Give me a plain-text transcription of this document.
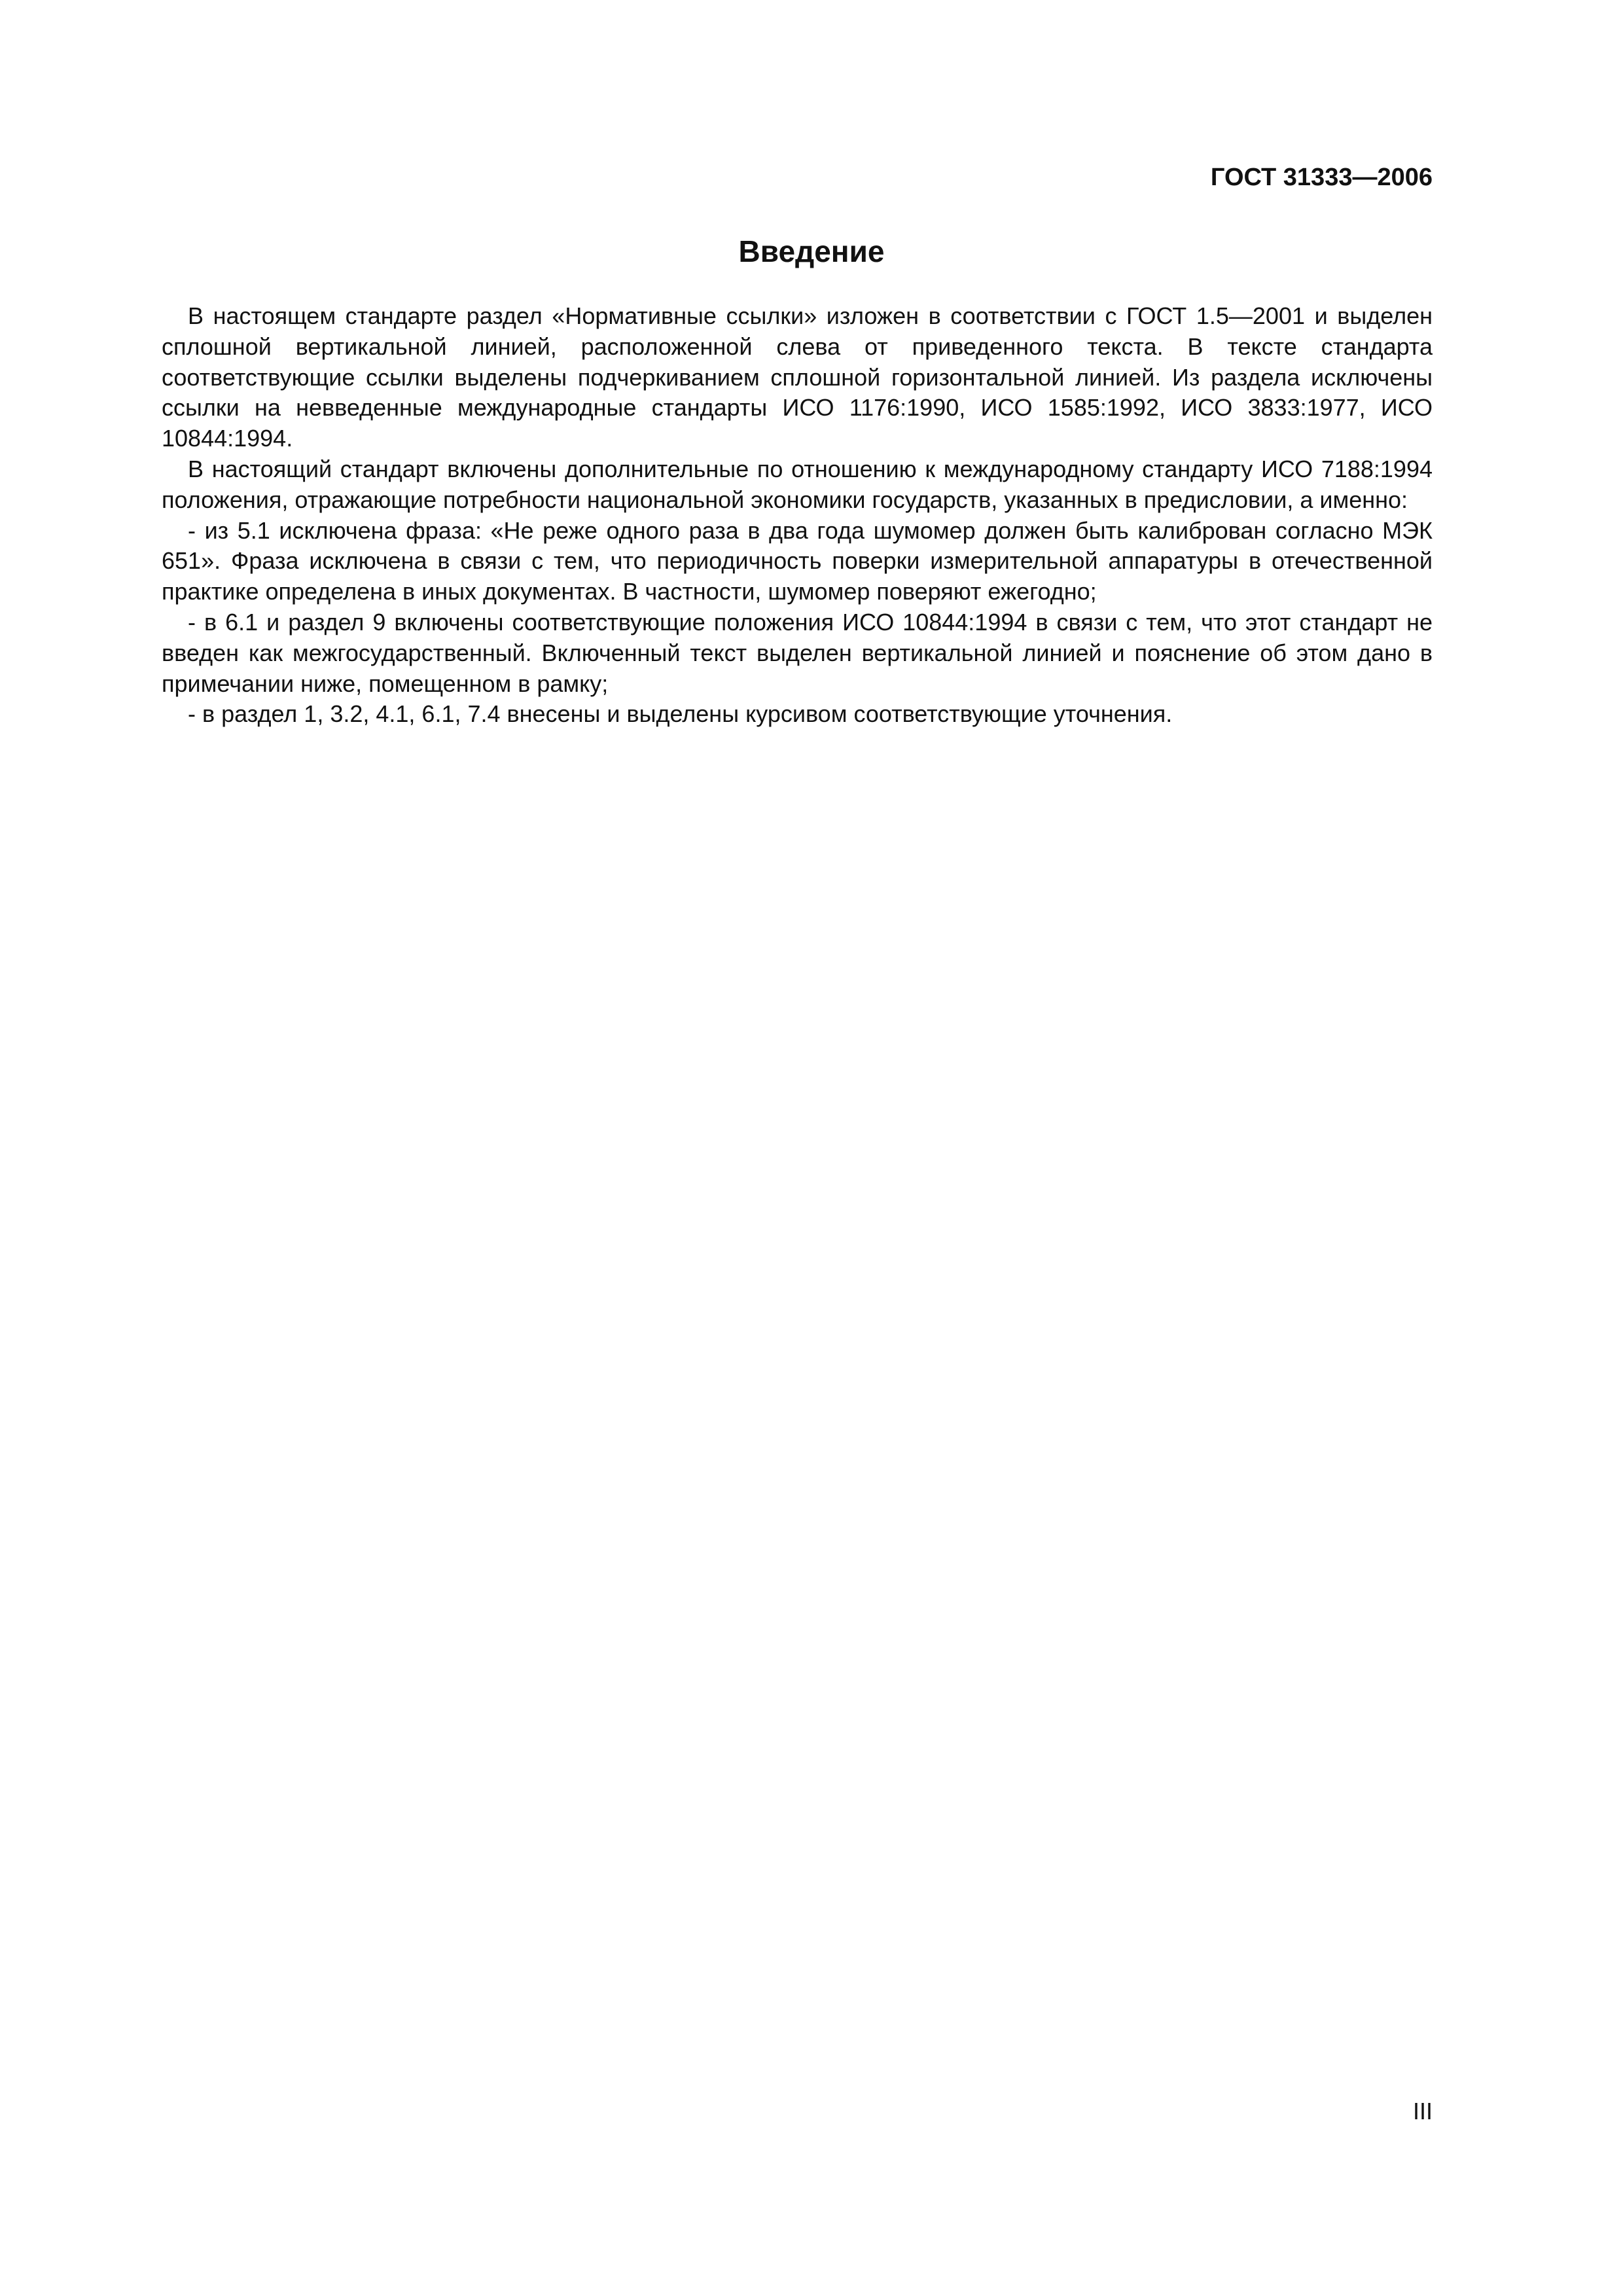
ГОСТ 31333—2006
Введение

В настоящем стандарте раздел «Нормативные ссылки» изложен в соответствии с ГОСТ 1.5—2001 и выделен сплошной вертикальной линией, расположенной слева от приведенного текста. В тексте стандарта соответствующие ссылки выделены подчеркиванием сплошной горизонтальной линией. Из раздела исключены ссылки на невведенные международные стандарты ИСО 1176:1990, ИСО 1585:1992, ИСО 3833:1977, ИСО 10844:1994.

В настоящий стандарт включены дополнительные по отношению к международному стандарту ИСО 7188:1994 положения, отражающие потребности национальной экономики государств, указанных в предисловии, а именно:

- из 5.1 исключена фраза: «Не реже одного раза в два года шумомер должен быть калиброван согласно МЭК 651». Фраза исключена в связи с тем, что периодичность поверки измерительной аппаратуры в отечественной практике определена в иных документах. В частности, шумомер поверяют ежегодно;

- в 6.1 и раздел 9 включены соответствующие положения ИСО 10844:1994 в связи с тем, что этот стандарт не введен как межгосударственный. Включенный текст выделен вертикальной линией и пояснение об этом дано в примечании ниже, помещенном в рамку;

- в раздел 1, 3.2, 4.1, 6.1, 7.4 внесены и выделены курсивом соответствующие уточнения.

III
